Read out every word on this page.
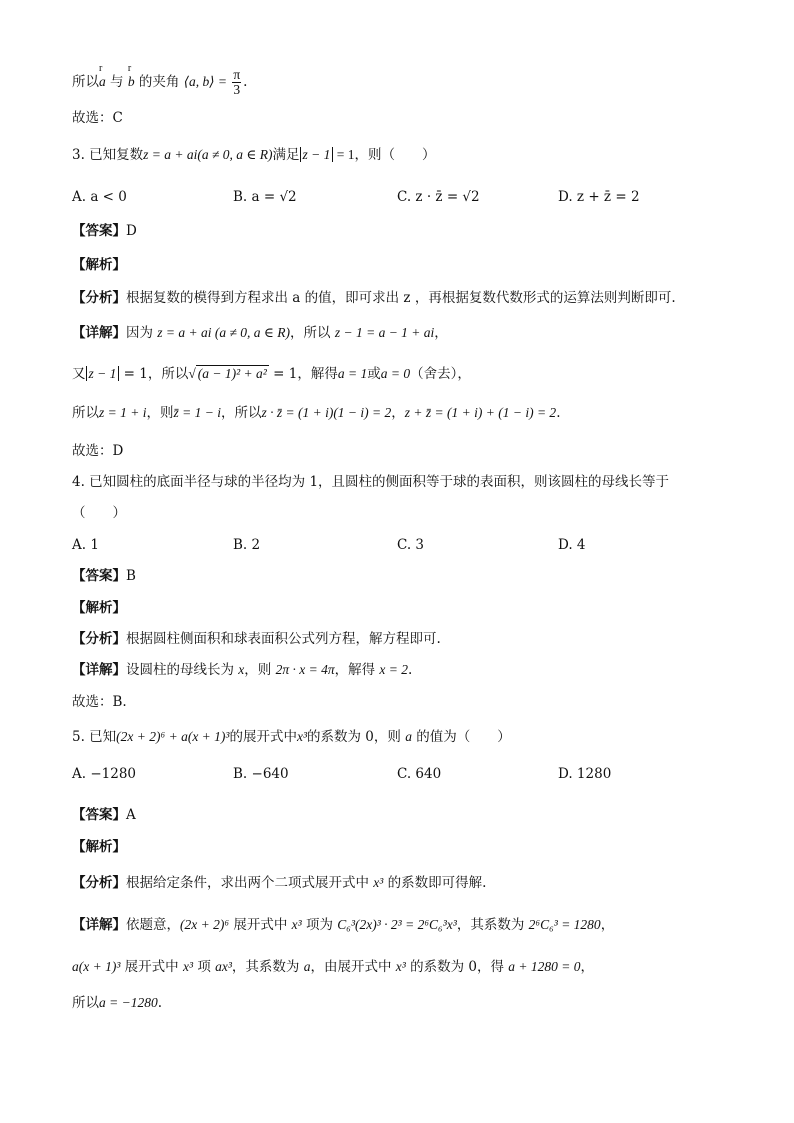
所以
r
a 与
r
b 的夹角 ⟨a, b⟩ = $\frac{\pi}{3}$ .
故选：C
3. 已知复数z = a + ai(a ≠ 0, a ∈ R)满足 z − 1 = 1，则（　　）
A. a < 0	B. a = √2	C. z · z̄ = √2	D. z + z̄ = 2
【答案】D
【解析】
【分析】根据复数的模得到方程求出 a 的值，即可求出 z ，再根据复数代数形式的运算法则判断即可.
【详解】因为 z = a + ai (a ≠ 0, a ∈ R)，所以 z − 1 = a − 1 + ai，
又 z − 1 = 1，所以√ (a − 1)² + a² = 1，解得a = 1或a = 0（舍去），
所以z = 1 + i，则z̄ = 1 − i，所以z · z̄ = (1 + i)(1 − i) = 2，z + z̄ = (1 + i) + (1 − i) = 2.
故选：D
4. 已知圆柱的底面半径与球的半径均为 1，且圆柱的侧面积等于球的表面积，则该圆柱的母线长等于
（　　）
A. 1	B. 2	C. 3	D. 4
【答案】B
【解析】
【分析】根据圆柱侧面积和球表面积公式列方程，解方程即可.
【详解】设圆柱的母线长为 x，则 2π · x = 4π，解得 x = 2.
故选：B.
5. 已知(2x + 2)⁶ + a(x + 1)³的展开式中x³的系数为 0，则 a 的值为（　　）
A. −1280	B. −640	C. 640	D. 1280
【答案】A
【解析】
【分析】根据给定条件，求出两个二项式展开式中 x³ 的系数即可得解.
【详解】依题意，(2x + 2)⁶ 展开式中 x³ 项为 C₆³(2x)³ · 2³ = 2⁶C₆³x³，其系数为 2⁶C₆³ = 1280，
a(x + 1)³ 展开式中 x³ 项 ax³，其系数为 a，由展开式中 x³ 的系数为 0，得 a + 1280 = 0，
所以a = −1280.
